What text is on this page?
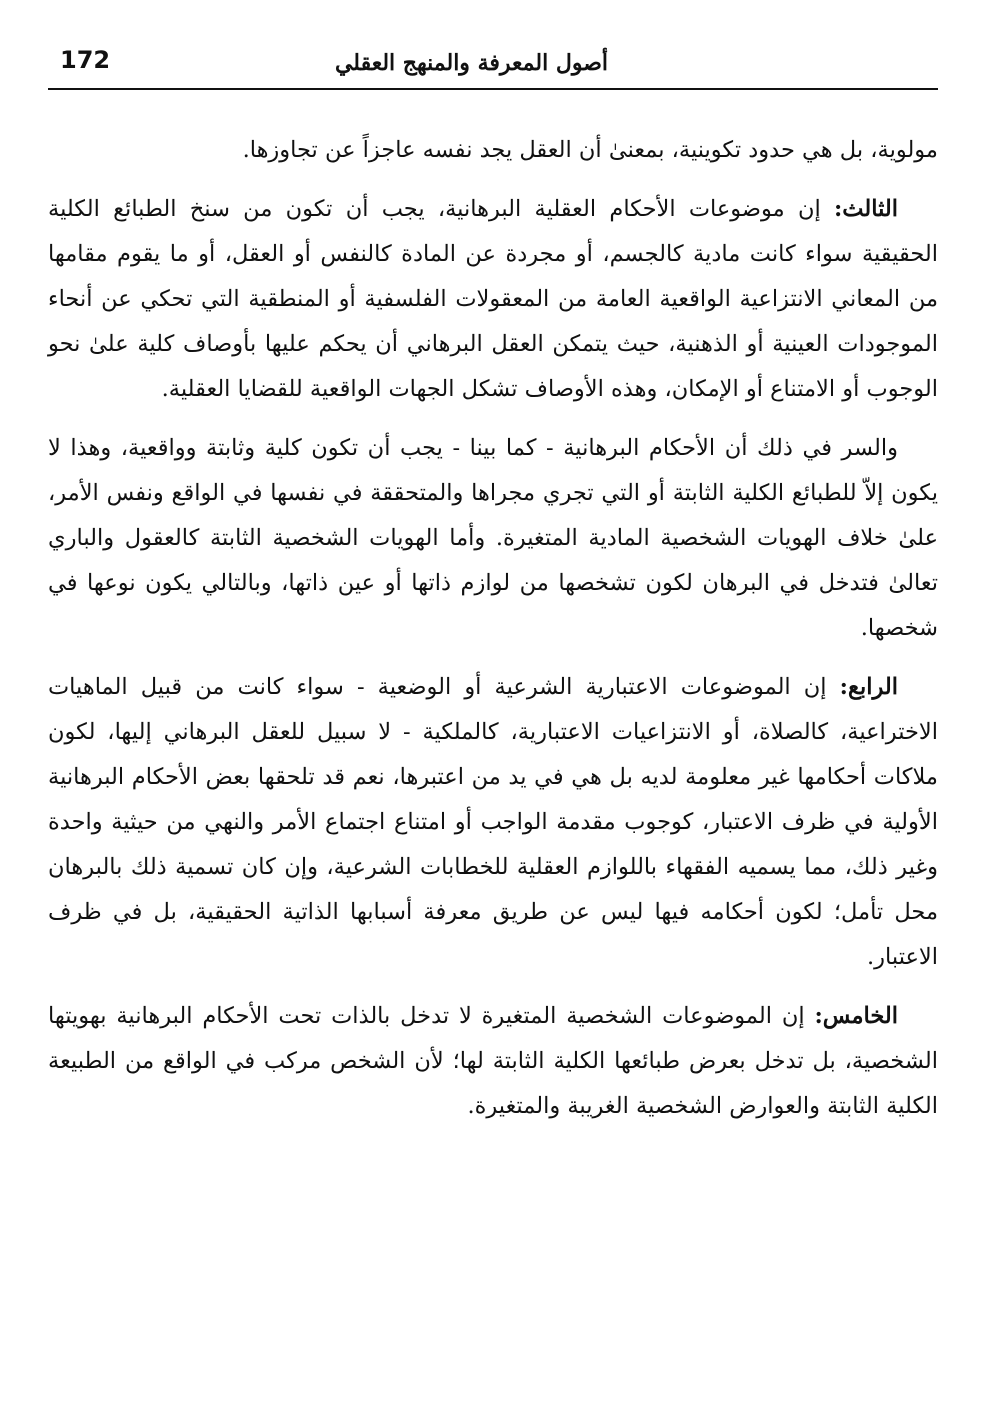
أصول المعرفة والمنهج العقلي
172

مولوية، بل هي حدود تكوينية، بمعنىٰ أن العقل يجد نفسه عاجزاً عن تجاوزها.

الثالث: إن موضوعات الأحكام العقلية البرهانية، يجب أن تكون من سنخ الطبائع الكلية الحقيقية سواء كانت مادية كالجسم، أو مجردة عن المادة كالنفس أو العقل، أو ما يقوم مقامها من المعاني الانتزاعية الواقعية العامة من المعقولات الفلسفية أو المنطقية التي تحكي عن أنحاء الموجودات العينية أو الذهنية، حيث يتمكن العقل البرهاني أن يحكم عليها بأوصاف كلية علىٰ نحو الوجوب أو الامتناع أو الإمكان، وهذه الأوصاف تشكل الجهات الواقعية للقضايا العقلية.

والسر في ذلك أن الأحكام البرهانية - كما بينا - يجب أن تكون كلية وثابتة وواقعية، وهذا لا يكون إلاّ للطبائع الكلية الثابتة أو التي تجري مجراها والمتحققة في نفسها في الواقع ونفس الأمر، علىٰ خلاف الهويات الشخصية المادية المتغيرة. وأما الهويات الشخصية الثابتة كالعقول والباري تعالىٰ فتدخل في البرهان لكون تشخصها من لوازم ذاتها أو عين ذاتها، وبالتالي يكون نوعها في شخصها.

الرابع: إن الموضوعات الاعتبارية الشرعية أو الوضعية - سواء كانت من قبيل الماهيات الاختراعية، كالصلاة، أو الانتزاعيات الاعتبارية، كالملكية - لا سبيل للعقل البرهاني إليها، لكون ملاكات أحكامها غير معلومة لديه بل هي في يد من اعتبرها، نعم قد تلحقها بعض الأحكام البرهانية الأولية في ظرف الاعتبار، كوجوب مقدمة الواجب أو امتناع اجتماع الأمر والنهي من حيثية واحدة وغير ذلك، مما يسميه الفقهاء باللوازم العقلية للخطابات الشرعية، وإن كان تسمية ذلك بالبرهان محل تأمل؛ لكون أحكامه فيها ليس عن طريق معرفة أسبابها الذاتية الحقيقية، بل في ظرف الاعتبار.

الخامس: إن الموضوعات الشخصية المتغيرة لا تدخل بالذات تحت الأحكام البرهانية بهويتها الشخصية، بل تدخل بعرض طبائعها الكلية الثابتة لها؛ لأن الشخص مركب في الواقع من الطبيعة الكلية الثابتة والعوارض الشخصية الغريبة والمتغيرة.
